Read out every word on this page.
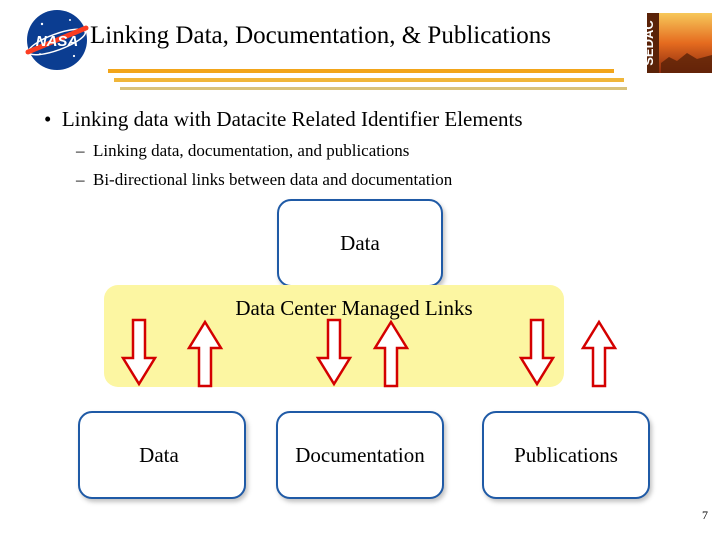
NASA Linking Data, Documentation, & Publications	SEDAC
•  Linking data with Datacite Related Identifier Elements
–  Linking data, documentation, and publications
–  Bi-directional links between data and documentation
Data
Data Center Managed Links
Data	Documentation	Publications
7
